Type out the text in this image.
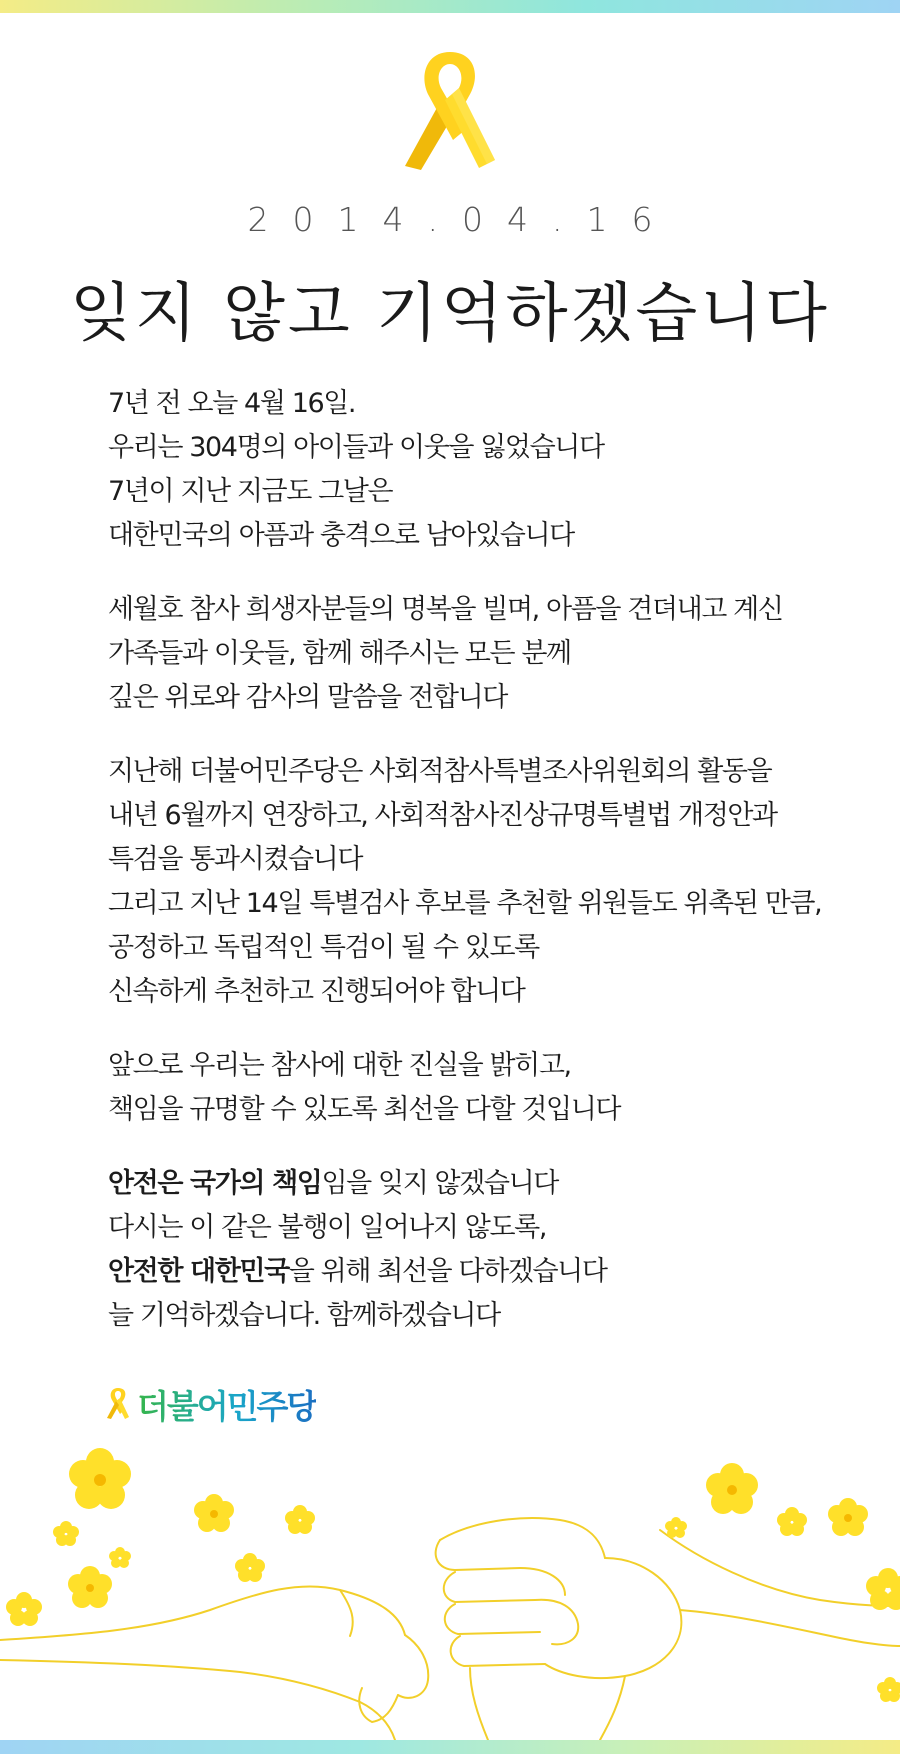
2014.04.16
잊지 않고 기억하겠습니다
7년 전 오늘 4월 16일.
우리는 304명의 아이들과 이웃을 잃었습니다
7년이 지난 지금도 그날은
대한민국의 아픔과 충격으로 남아있습니다
세월호 참사 희생자분들의 명복을 빌며, 아픔을 견뎌내고 계신
가족들과 이웃들, 함께 해주시는 모든 분께
깊은 위로와 감사의 말씀을 전합니다
지난해 더불어민주당은 사회적참사특별조사위원회의 활동을
내년 6월까지 연장하고, 사회적참사진상규명특별법 개정안과
특검을 통과시켰습니다
그리고 지난 14일 특별검사 후보를 추천할 위원들도 위촉된 만큼,
공정하고 독립적인 특검이 될 수 있도록
신속하게 추천하고 진행되어야 합니다
앞으로 우리는 참사에 대한 진실을 밝히고,
책임을 규명할 수 있도록 최선을 다할 것입니다
안전은 국가의 책임임을 잊지 않겠습니다
다시는 이 같은 불행이 일어나지 않도록,
안전한 대한민국을 위해 최선을 다하겠습니다
늘 기억하겠습니다. 함께하겠습니다
더불어민주당
